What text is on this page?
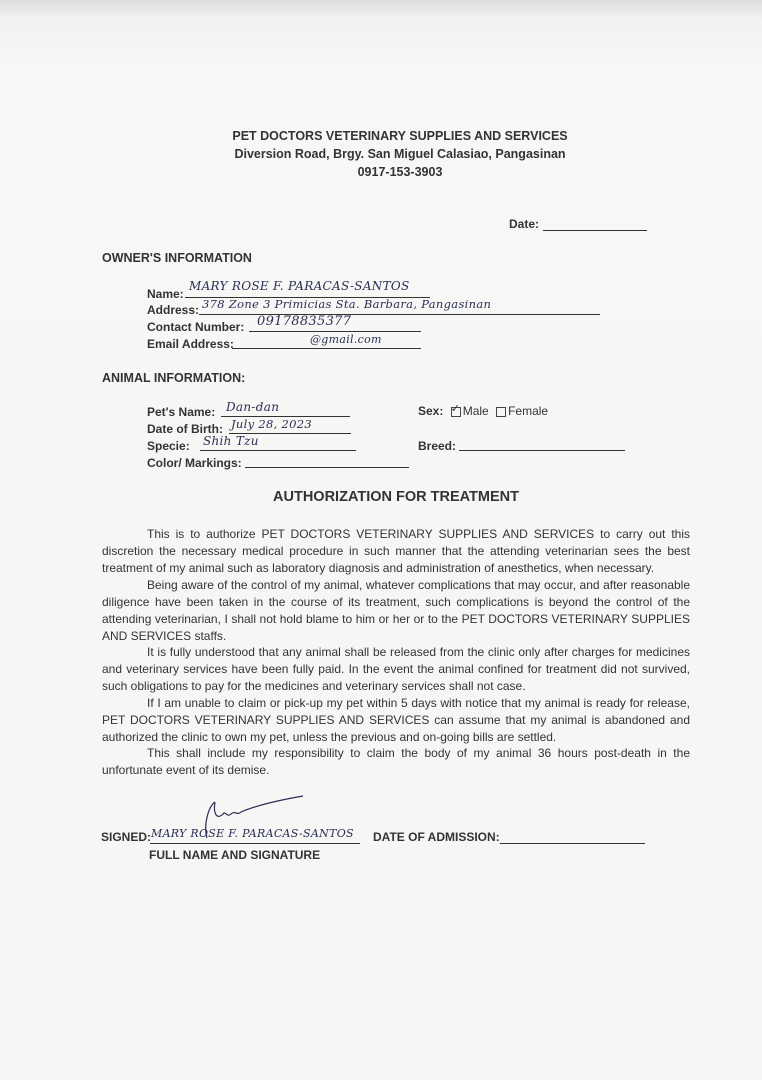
PET DOCTORS VETERINARY SUPPLIES AND SERVICES
Diversion Road, Brgy. San Miguel Calasiao, Pangasinan
0917-153-3903
Date:
OWNER'S INFORMATION
Name:
MARY ROSE F. PARACAS-SANTOS
Address: 378 Zone 3 Primicias Sta. Barbara, Pangasinan
Contact Number: 09178835377
Email Address:	@gmail.com
ANIMAL INFORMATION:
Pet's Name: Dan-dan
Date of Birth: July 28, 2023
Specie: Shih Tzu
Color/ Markings:
Sex: ✓ Male Female
Breed:
AUTHORIZATION FOR TREATMENT

This is to authorize PET DOCTORS VETERINARY SUPPLIES AND SERVICES to carry out this discretion the necessary medical procedure in such manner that the attending veterinarian sees the best treatment of my animal such as laboratory diagnosis and administration of anesthetics, when necessary.

Being aware of the control of my animal, whatever complications that may occur, and after reasonable diligence have been taken in the course of its treatment, such complications is beyond the control of the attending veterinarian, I shall not hold blame to him or her or to the PET DOCTORS VETERINARY SUPPLIES AND SERVICES staffs.

It is fully understood that any animal shall be released from the clinic only after charges for medicines and veterinary services have been fully paid. In the event the animal confined for treatment did not survived, such obligations to pay for the medicines and veterinary services shall not case.

If I am unable to claim or pick-up my pet within 5 days with notice that my animal is ready for release, PET DOCTORS VETERINARY SUPPLIES AND SERVICES can assume that my animal is abandoned and authorized the clinic to own my pet, unless the previous and on-going bills are settled.

This shall include my responsibility to claim the body of my animal 36 hours post-death in the unfortunate event of its demise.

SIGNED: MARY ROSE F. PARACAS-SANTOS
FULL NAME AND SIGNATURE
DATE OF ADMISSION:
